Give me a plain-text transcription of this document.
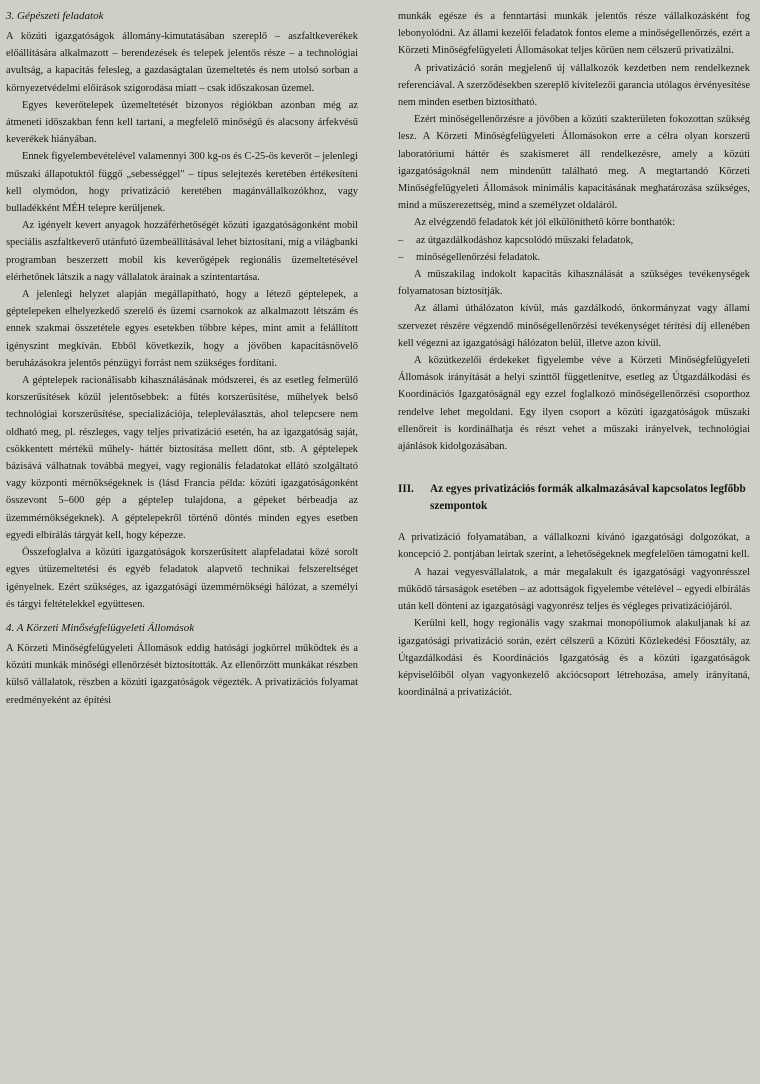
3. Gépészeti feladatok

A közúti igazgatóságok állomány-kimutatásában szereplő – aszfaltkeverékek előállítására alkalmazott – berendezések és telepek jelentős része – a technológiai avultság, a kapacitás felesleg, a gazdaságtalan üzemeltetés és nem utolsó sorban a környezetvédelmi előírások szigorodása miatt – csak időszakosan üzemel.

Egyes keverőtelepek üzemeltetését bizonyos régiókban azonban még az átmeneti időszakban fenn kell tartani, a megfelelő minőségű és alacsony árfekvésű keverékek hiányában.

Ennek figyelembevételével valamennyi 300 kg-os és C-25-ös keverőt – jelenlegi műszaki állapotuktól függő „sebességgel" – típus selejtezés keretében értékesíteni kell olymódon, hogy privatizáció keretében magánvállalkozókhoz, vagy bulladékként MÉH telepre kerüljenek.

Az igényelt kevert anyagok hozzáférhetőségét közúti igazgatóságonként mobil speciális aszfaltkeverő utánfutó üzembeállításával lehet biztosítani, míg a világbanki programban beszerzett mobil kis keverőgépek regionális üzemeltetésével elérhetőnek látszik a nagy vállalatok árainak a szintentartása.

A jelenlegi helyzet alapján megállapítható, hogy a létező géptelepek, a géptelepeken elhelyezkedő szerelő és üzemi csarnokok az alkalmazott létszám és ennek szakmai összetétele egyes esetekben többre képes, mint amit a felállított igényszint megkíván. Ebből következik, hogy a jövőben kapacitásnövelő beruházásokra jelentős pénzügyi forrást nem szükséges fordítani.

A géptelepek racionálisabb kihasználásának módszerei, és az esetleg felmerülő korszerűsítések közül jelentősebbek: a fűtés korszerűsítése, műhelyek belső technológiai korszerűsítése, specializációja, telepleválasztás, ahol telepcsere nem oldható meg, pl. részleges, vagy teljes privatizáció esetén, ha az igazgatóság saját, csökkentett mértékű műhely- háttér biztosítása mellett dönt, stb. A géptelepek bázisává válhatnak továbbá megyei, vagy regionális feladatokat ellátó szolgáltató vagy központi mérnökségeknek is (lásd Francia példa: közúti igazgatóságonként összevont 5–600 gép a géptelep tulajdona, a gépeket bérbeadja az üzemmérnökségeknek). A géptelepekről történő döntés minden egyes esetben egyedi elbírálás tárgyát kell, hogy képezze.

Összefoglalva a közúti igazgatóságok korszerűsített alapfeladatai közé sorolt egyes útüzemeltetési és egyéb feladatok alapvető technikai felszereltséget igényelnek. Ezért szükséges, az igazgatósági üzemmérnökségi hálózat, a személyi és tárgyi feltételekkel együttesen.

4. A Körzeti Minőségfelügyeleti Állomások

A Körzeti Minőségfelügyeleti Állomások eddig hatósági jogkörrel működtek és a közúti munkák minőségi ellenőrzését biztosították. Az ellenőrzött munkákat részben külső vállalatok, részben a közúti igazgatóságok végezték. A privatizációs folyamat eredményeként az építési

munkák egésze és a fenntartási munkák jelentős része vállalkozásként fog lebonyolódni. Az állami kezelői feladatok fontos eleme a minőségellenőrzés, ezért a Körzeti Minőségfelügyeleti Állomásokat teljes körűen nem célszerű privatizálni.

A privatizáció során megjelenő új vállalkozók kezdetben nem rendelkeznek referenciával. A szerződésekben szereplő kivitelezői garancia utólagos érvényesítése nem minden esetben biztosítható.

Ezért minőségellenőrzésre a jövőben a közúti szakterületen fokozottan szükség lesz. A Körzeti Minőségfelügyeleti Állomásokon erre a célra olyan korszerű laboratóriumi háttér és szakismeret áll rendelkezésre, amely a közúti igazgatóságoknál nem mindenütt található meg. A megtartandó Körzeti Minőségfelügyeleti Állomások minimális kapacitásának meghatározása szükséges, mind a műszerezettség, mind a személyzet oldaláról.

Az elvégzendő feladatok két jól elkülöníthető körre bonthatók:

–	az útgazdálkodáshoz kapcsolódó műszaki feladatok,
–	minőségellenőrzési feladatok.

A műszakilag indokolt kapacitás kihasználását a szükséges tevékenységek folyamatosan biztosítják.

Az állami úthálózaton kívül, más gazdálkodó, önkormányzat vagy állami szervezet részére végzendő minőségellenőrzési tevékenységet térítési díj ellenében kell végezni az igazgatósági hálózaton belül, illetve azon kívül.

A közútkezelői érdekeket figyelembe véve a Körzeti Minőségfelügyeleti Állomások irányítását a helyi szinttől függetlenítve, esetleg az Útgazdálkodási és Koordinációs Igazgatóságnál egy ezzel foglalkozó minőségellenőrzési csoporthoz rendelve lehet megoldani. Egy ilyen csoport a közúti igazgatóságok műszaki ellenőreit is kordinálhatja és részt vehet a műszaki irányelvek, technológiai ajánlások kidolgozásában.

III.	Az egyes privatizációs formák alkalmazásával kapcsolatos legfőbb szempontok

A privatizáció folyamatában, a vállalkozni kívánó igazgatósági dolgozókat, a koncepció 2. pontjában leírtak szerint, a lehetőségeknek megfelelően támogatni kell.

A hazai vegyesvállalatok, a már megalakult és igazgatósági vagyonrésszel működő társaságok esetében – az adottságok figyelembe vételével – egyedi elbírálás után kell dönteni az igazgatósági vagyonrész teljes és végleges privatizációjáról.

Kerülni kell, hogy regionális vagy szakmai monopóliumok alakuljanak ki az igazgatósági privatizáció során, ezért célszerű a Közúti Közlekedési Főosztály, az Útgazdálkodási és Koordinációs Igazgatóság és a közúti igazgatóságok képviselőiből olyan vagyonkezelő akciócsoport létrehozása, amely irányítaná, koordinálná a privatizációt.
